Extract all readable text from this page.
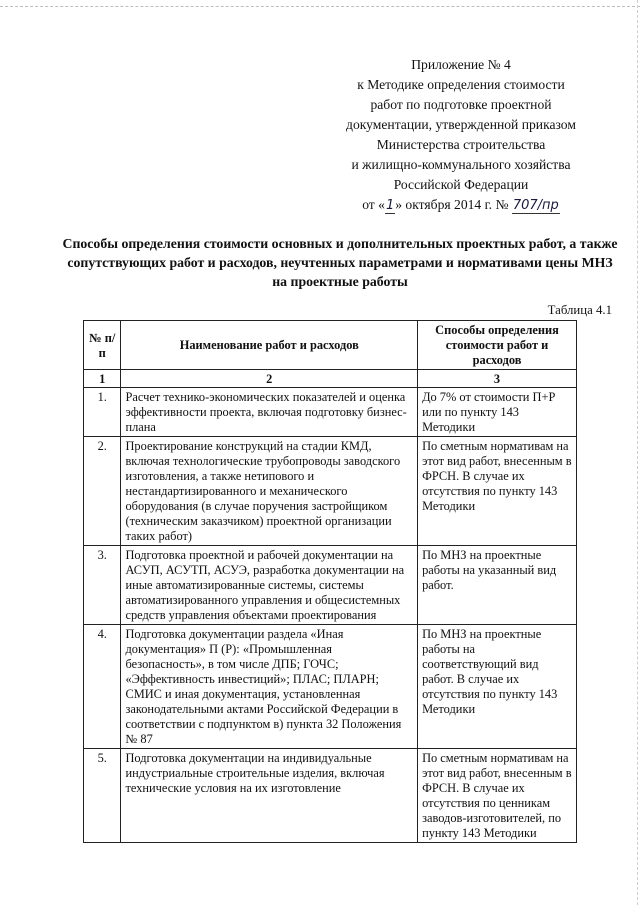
Приложение № 4
к Методике определения стоимости
работ по подготовке проектной
документации, утвержденной приказом
Министерства строительства
и жилищно-коммунального хозяйства
Российской Федерации
от «1» октября 2014 г. № 707/пр
Способы определения стоимости основных и дополнительных проектных работ, а также сопутствующих работ и расходов, неучтенных параметрами и нормативами цены МНЗ на проектные работы
Таблица 4.1
№ п/п	Наименование работ и расходов	Способы определения стоимости работ и расходов
1	2	3
1.	Расчет технико-экономических показателей и оценка эффективности проекта, включая подготовку бизнес-плана	До 7% от стоимости П+Р или по пункту 143 Методики
2.	Проектирование конструкций на стадии КМД, включая технологические трубопроводы заводского изготовления, а также нетипового и нестандартизированного и механического оборудования (в случае поручения застройщиком (техническим заказчиком) проектной организации таких работ)	По сметным нормативам на этот вид работ, внесенным в ФРСН. В случае их отсутствия по пункту 143 Методики
3.	Подготовка проектной и рабочей документации на АСУП, АСУТП, АСУЭ, разработка документации на иные автоматизированные системы, системы автоматизированного управления и общесистемных средств управления объектами проектирования	По МНЗ на проектные работы на указанный вид работ.
4.	Подготовка документации раздела «Иная документация» П (Р): «Промышленная безопасность», в том числе ДПБ; ГОЧС; «Эффективность инвестиций»; ПЛАС; ПЛАРН; СМИС и иная документация, установленная законодательными актами Российской Федерации в соответствии с подпунктом в) пункта 32 Положения № 87	По МНЗ на проектные работы на соответствующий вид работ. В случае их отсутствия по пункту 143 Методики
5.	Подготовка документации на индивидуальные индустриальные строительные изделия, включая технические условия на их изготовление	По сметным нормативам на этот вид работ, внесенным в ФРСН. В случае их отсутствия по ценникам заводов-изготовителей, по пункту 143 Методики
